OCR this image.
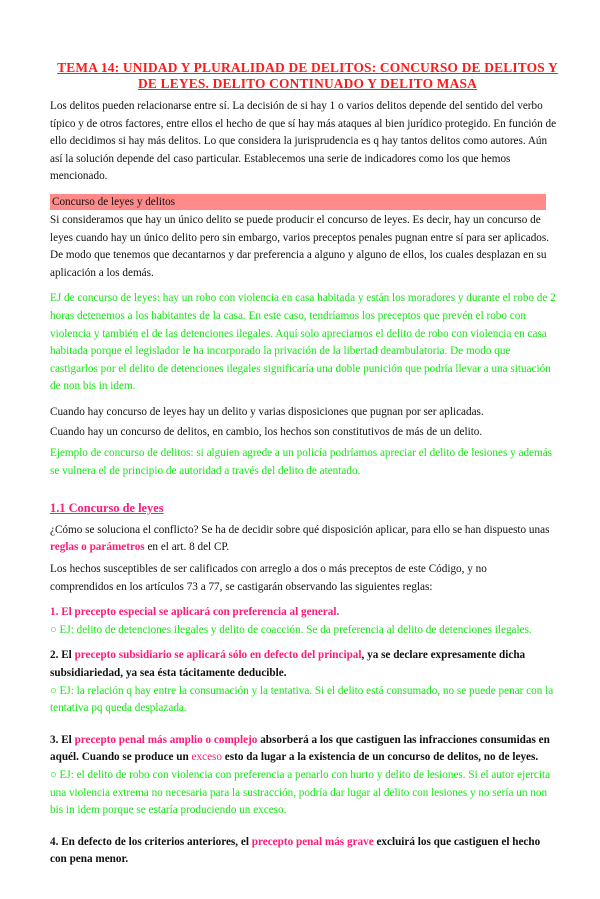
TEMA 14: UNIDAD Y PLURALIDAD DE DELITOS: CONCURSO DE DELITOS Y DE LEYES. DELITO CONTINUADO Y DELITO MASA

Los delitos pueden relacionarse entre sí. La decisión de si hay 1 o varios delitos depende del sentido del verbo típico y de otros factores, entre ellos el hecho de que sí hay más ataques al bien jurídico protegido. En función de ello decidimos si hay más delitos. Lo que considera la jurisprudencia es q hay tantos delitos como autores. Aún así la solución depende del caso particular. Establecemos una serie de indicadores como los que hemos mencionado.

Concurso de leyes y delitos

Si consideramos que hay un único delito se puede producir el concurso de leyes. Es decir, hay un concurso de leyes cuando hay un único delito pero sin embargo, varios preceptos penales pugnan entre sí para ser aplicados. De modo que tenemos que decantarnos y dar preferencia a alguno y alguno de ellos, los cuales desplazan en su aplicación a los demás.

EJ de concurso de leyes: hay un robo con violencia en casa habitada y están los moradores y durante el robo de 2 horas detenemos a los habitantes de la casa. En este caso, tendríamos los preceptos que prevén el robo con violencia y también el de las detenciones ilegales. Aquí solo apreciamos el delito de robo con violencia en casa habitada porque el legislador le ha incorporado la privación de la libertad deambulatoria. De modo que castigarlos por el delito de detenciones ilegales significaría una doble punición que podría llevar a una situación de non bis in idem.

Cuando hay concurso de leyes hay un delito y varias disposiciones que pugnan por ser aplicadas.

Cuando hay un concurso de delitos, en cambio, los hechos son constitutivos de más de un delito.

Ejemplo de concurso de delitos: si alguien agrede a un policía podríamos apreciar el delito de lesiones y además se vulnera el de principio de autoridad a través del delito de atentado.

1.1 Concurso de leyes

¿Cómo se soluciona el conflicto? Se ha de decidir sobre qué disposición aplicar, para ello se han dispuesto unas reglas o parámetros en el art. 8 del CP.

Los hechos susceptibles de ser calificados con arreglo a dos o más preceptos de este Código, y no comprendidos en los artículos 73 a 77, se castigarán observando las siguientes reglas:

1. El precepto especial se aplicará con preferencia al general.

○ EJ: delito de detenciones ilegales y delito de coacción. Se da preferencia al delito de detenciones ilegales.

2. El precepto subsidiario se aplicará sólo en defecto del principal, ya se declare expresamente dicha subsidiariedad, ya sea ésta tácitamente deducible.

○ EJ: la relación q hay entre la consumación y la tentativa. Si el delito está consumado, no se puede penar con la tentativa pq queda desplazada.

3. El precepto penal más amplio o complejo absorberá a los que castiguen las infracciones consumidas en aquél. Cuando se produce un exceso esto da lugar a la existencia de un concurso de delitos, no de leyes.

○ EJ: el delito de robo con violencia con preferencia a penarlo con hurto y delito de lesiones. Si el autor ejercita una violencia extrema no necesaria para la sustracción, podría dar lugar al delito con lesiones y no sería un non bis in idem porque se estaría produciendo un exceso.

4. En defecto de los criterios anteriores, el precepto penal más grave excluirá los que castiguen el hecho con pena menor.
